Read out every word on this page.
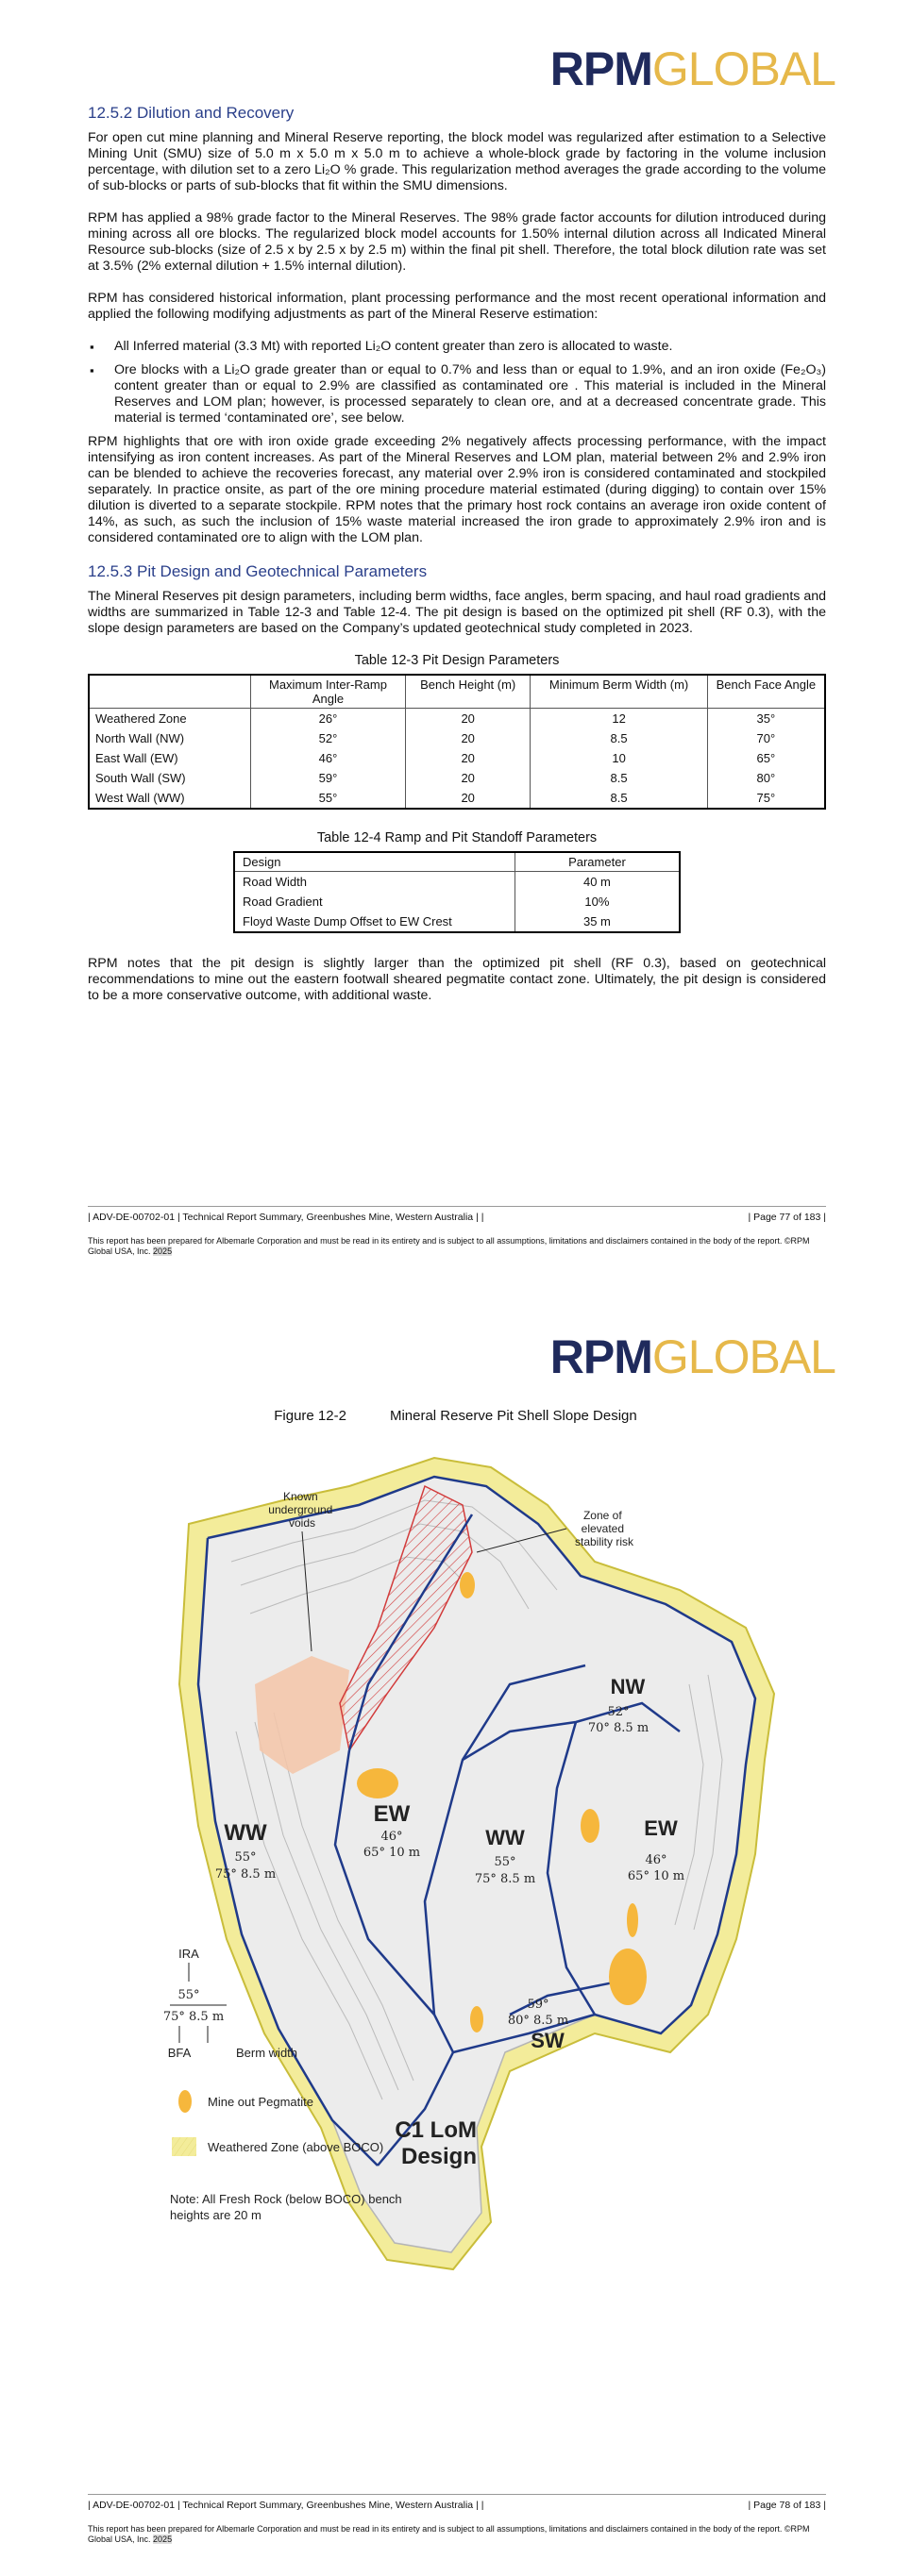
RPMGLOBAL
12.5.2 Dilution and Recovery

For open cut mine planning and Mineral Reserve reporting, the block model was regularized after estimation to a Selective Mining Unit (SMU) size of 5.0 m x 5.0 m x 5.0 m to achieve a whole-block grade by factoring in the volume inclusion percentage, with dilution set to a zero Li₂O % grade. This regularization method averages the grade according to the volume of sub-blocks or parts of sub-blocks that fit within the SMU dimensions.

RPM has applied a 98% grade factor to the Mineral Reserves. The 98% grade factor accounts for dilution introduced during mining across all ore blocks. The regularized block model accounts for 1.50% internal dilution across all Indicated Mineral Resource sub-blocks (size of 2.5 x by 2.5 x by 2.5 m) within the final pit shell. Therefore, the total block dilution rate was set at 3.5% (2% external dilution + 1.5% internal dilution).

RPM has considered historical information, plant processing performance and the most recent operational information and applied the following modifying adjustments as part of the Mineral Reserve estimation:

▪ All Inferred material (3.3 Mt) with reported Li₂O content greater than zero is allocated to waste.
▪ Ore blocks with a Li₂O grade greater than or equal to 0.7% and less than or equal to 1.9%, and an iron oxide (Fe₂O₃) content greater than or equal to 2.9% are classified as contaminated ore . This material is included in the Mineral Reserves and LOM plan; however, is processed separately to clean ore, and at a decreased concentrate grade. This material is termed ‘contaminated ore’, see below.

RPM highlights that ore with iron oxide grade exceeding 2% negatively affects processing performance, with the impact intensifying as iron content increases. As part of the Mineral Reserves and LOM plan, material between 2% and 2.9% iron can be blended to achieve the recoveries forecast, any material over 2.9% iron is considered contaminated and stockpiled separately. In practice onsite, as part of the ore mining procedure material estimated (during digging) to contain over 15% dilution is diverted to a separate stockpile. RPM notes that the primary host rock contains an average iron oxide content of 14%, as such, as such the inclusion of 15% waste material increased the iron grade to approximately 2.9% iron and is considered contaminated ore to align with the LOM plan.

12.5.3 Pit Design and Geotechnical Parameters

The Mineral Reserves pit design parameters, including berm widths, face angles, berm spacing, and haul road gradients and widths are summarized in Table 12-3 and Table 12-4. The pit design is based on the optimized pit shell (RF 0.3), with the slope design parameters are based on the Company’s updated geotechnical study completed in 2023.

Table 12-3 Pit Design Parameters
	Maximum Inter-Ramp Angle	Bench Height (m)	Minimum Berm Width (m)	Bench Face Angle
Weathered Zone	26°	20	12	35°
North Wall (NW)	52°	20	8.5	70°
East Wall (EW)	46°	20	10	65°
South Wall (SW)	59°	20	8.5	80°
West Wall (WW)	55°	20	8.5	75°
Table 12-4 Ramp and Pit Standoff Parameters
Design	Parameter
Road Width	40 m
Road Gradient	10%
Floyd Waste Dump Offset to EW Crest	35 m

RPM notes that the pit design is slightly larger than the optimized pit shell (RF 0.3), based on geotechnical recommendations to mine out the eastern footwall sheared pegmatite contact zone. Ultimately, the pit design is considered to be a more conservative outcome, with additional waste.

| ADV-DE-00702-01 | Technical Report Summary, Greenbushes Mine, Western Australia | |	| Page 77 of 183 |
This report has been prepared for Albemarle Corporation and must be read in its entirety and is subject to all assumptions, limitations and disclaimers contained in the body of the report. ©RPM Global USA, Inc. 2025
RPMGLOBAL
Figure 12-2	Mineral Reserve Pit Shell Slope Design
| ADV-DE-00702-01 | Technical Report Summary, Greenbushes Mine, Western Australia | |	| Page 78 of 183 |
This report has been prepared for Albemarle Corporation and must be read in its entirety and is subject to all assumptions, limitations and disclaimers contained in the body of the report. ©RPM Global USA, Inc. 2025
Known underground voids
Zone of elevated stability risk
NW
52°
70° 8.5 m
EW
46°
65° 10 m
WW
55°
75° 8.5 m
WW
55°
75° 8.5 m
EW
46°
65° 10 m
59°
80° 8.5 m
SW
C1 LoM Design
IRA
55°
75° 8.5 m
BFA	Berm width
Mine out Pegmatite
Weathered Zone (above BOCO)
Note: All Fresh Rock (below BOCO) bench heights are 20 m
